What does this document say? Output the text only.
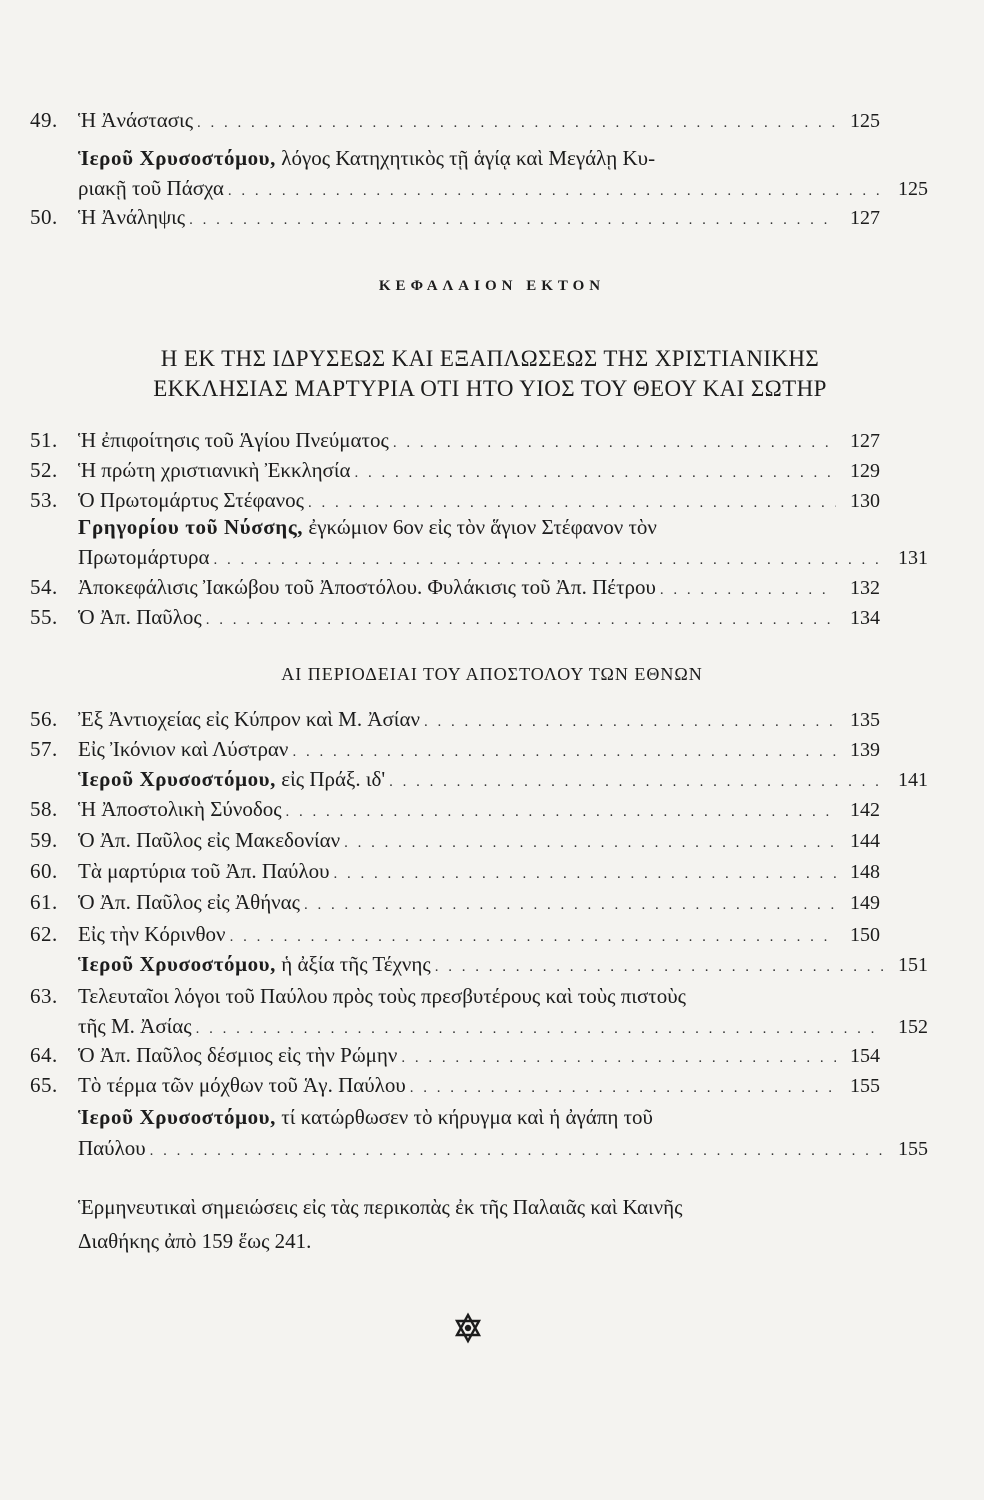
49. Ἡ Ἀνάστασις . . .	125
Ἱεροῦ Χρυσοστόμου, λόγος Κατηχητικὸς τῇ ἁγίᾳ καὶ Μεγάλῃ Κυ-
ριακῇ τοῦ Πάσχα . . .	125
50. Ἡ Ἀνάληψις . . .	127
ΚΕΦΑΛΑΙΟΝ ΕΚΤΟΝ
Η ΕΚ ΤΗΣ ΙΔΡΥΣΕΩΣ ΚΑΙ ΕΞΑΠΛΩΣΕΩΣ ΤΗΣ ΧΡΙΣΤΙΑΝΙΚΗΣ
ΕΚΚΛΗΣΙΑΣ ΜΑΡΤΥΡΙΑ ΟΤΙ ΗΤΟ ΥΙΟΣ ΤΟΥ ΘΕΟΥ ΚΑΙ ΣΩΤΗΡ
51. Ἡ ἐπιφοίτησις τοῦ Ἁγίου Πνεύματος . . .	127
52. Ἡ πρώτη χριστιανικὴ Ἐκκλησία . . .	129
53. Ὁ Πρωτομάρτυς Στέφανος . . .	130
Γρηγορίου τοῦ Νύσσης, ἐγκώμιον 6ον εἰς τὸν ἅγιον Στέφανον τὸν
Πρωτομάρτυρα . . .	131
54. Ἀποκεφάλισις Ἰακώβου τοῦ Ἀποστόλου. Φυλάκισις τοῦ Ἀπ. Πέτρου . . .	132
55. Ὁ Ἀπ. Παῦλος . . .	134
ΑΙ ΠΕΡΙΟΔΕΙΑΙ ΤΟΥ ΑΠΟΣΤΟΛΟΥ ΤΩΝ ΕΘΝΩΝ
56. Ἐξ Ἀντιοχείας εἰς Κύπρον καὶ Μ. Ἀσίαν . . .	135
57. Εἰς Ἰκόνιον καὶ Λύστραν . . .	139
Ἱεροῦ Χρυσοστόμου, εἰς Πράξ. ιδ' . . .	141
58. Ἡ Ἀποστολικὴ Σύνοδος . . .	142
59. Ὁ Ἀπ. Παῦλος εἰς Μακεδονίαν . . .	144
60. Τὰ μαρτύρια τοῦ Ἀπ. Παύλου . . .	148
61. Ὁ Ἀπ. Παῦλος εἰς Ἀθήνας . . .	149
62. Εἰς τὴν Κόρινθον . . .	150
Ἱεροῦ Χρυσοστόμου, ἡ ἀξία τῆς Τέχνης . . .	151
63. Τελευταῖοι λόγοι τοῦ Παύλου πρὸς τοὺς πρεσβυτέρους καὶ τοὺς πιστοὺς
τῆς Μ. Ἀσίας . . .	152
64. Ὁ Ἀπ. Παῦλος δέσμιος εἰς τὴν Ρώμην . . .	154
65. Τὸ τέρμα τῶν μόχθων τοῦ Ἁγ. Παύλου . . .	155
Ἱεροῦ Χρυσοστόμου, τί κατώρθωσεν τὸ κήρυγμα καὶ ἡ ἀγάπη τοῦ
Παύλου . . .	155
Ἑρμηνευτικαὶ σημειώσεις εἰς τὰς περικοπὰς ἐκ τῆς Παλαιᾶς καὶ Καινῆς
Διαθήκης ἀπὸ 159 ἕως 241.
